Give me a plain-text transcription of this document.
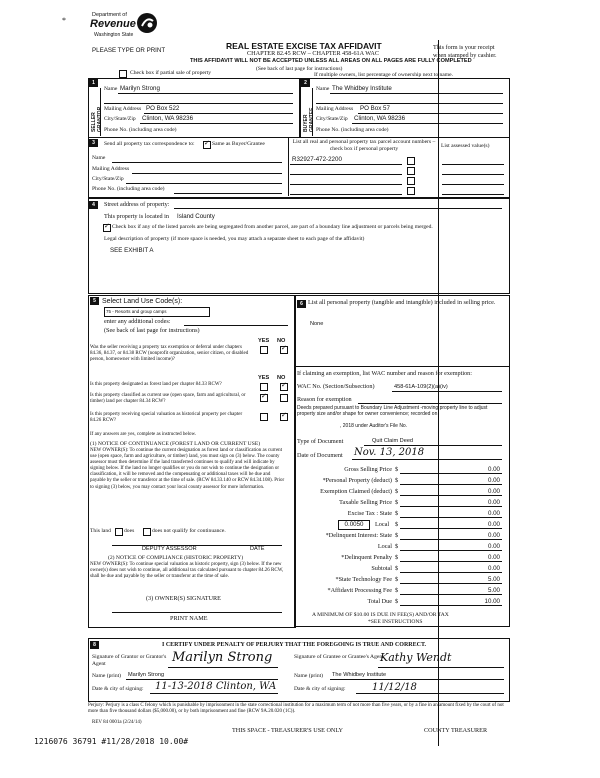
Department of
Revenue
Washington State
*
PLEASE TYPE OR PRINT	REAL ESTATE EXCISE TAX AFFIDAVIT
CHAPTER 82.45 RCW – CHAPTER 458-61A WAC
THIS AFFIDAVIT WILL NOT BE ACCEPTED UNLESS ALL AREAS ON ALL PAGES ARE FULLY COMPLETED
(See back of last page for instructions)
This form is your receipt
when stamped by cashier.
Check box if partial sale of property	If multiple owners, list percentage of ownership next to name.
1
SELLER GRANTOR
Name Marilyn Strong
Mailing Address PO Box 522
City/State/Zip Clinton, WA 98236
Phone No. (including area code)
2
BUYER GRANTEE
Name The Whidbey Institute
Mailing Address PO Box 57
City/State/Zip Clinton, WA 98236
Phone No. (including area code)
3	Send all property tax correspondence to:
✓	Same as Buyer/Grantee
Name
Mailing Address
City/State/Zip
Phone No. (including area code)
List all real and personal property tax parcel account numbers – check box if personal property	List assessed value(s)
R32927-472-2200
4	Street address of property:
This property is located in Island County
✓
Check box if any of the listed parcels are being segregated from another parcel, are part of a boundary line adjustment or parcels being merged.
Legal description of property (if more space is needed, you may attach a separate sheet to each page of the affidavit)
SEE EXHIBIT A
5 Select Land Use Code(s):
75 - Resorts and group camps
enter any additional codes:
(See back of last page for instructions)
YES NO
Was the seller receiving a property tax exemption or deferral under chapters 84.36, 84.37, or 84.38 RCW (nonprofit organization, senior citizen, or disabled person, homeowner with limited income)?
✓
YES NO
Is this property designated as forest land per chapter 84.33 RCW?
✓
Is this property classified as current use (open space, farm and agricultural, or timber) land per chapter 84.34 RCW?
✓
Is this property receiving special valuation as historical property per chapter 84.26 RCW?
✓
If any answers are yes, complete as instructed below.
(1) NOTICE OF CONTINUANCE (FOREST LAND OR CURRENT USE)
NEW OWNER(S): To continue the current designation as forest land or classification as current use (open space, farm and agriculture, or timber) land, you must sign on (3) below. The county assessor must then determine if the land transferred continues to qualify and will indicate by signing below. If the land no longer qualifies or you do not wish to continue the designation or classification, it will be removed and the compensating or additional taxes will be due and payable by the seller or transferor at the time of sale. (RCW 84.33.140 or RCW 84.34.108). Prior to signing (3) below, you may contact your local county assessor for more information.
This land does	does not qualify for continuance.
DEPUTY ASSESSOR	DATE
(2) NOTICE OF COMPLIANCE (HISTORIC PROPERTY)
NEW OWNER(S): To continue special valuation as historic property, sign (3) below. If the new owner(s) does not wish to continue, all additional tax calculated pursuant to chapter 84.26 RCW, shall be due and payable by the seller or transferor at the time of sale.
(3) OWNER(S) SIGNATURE
PRINT NAME
6 List all personal property (tangible and intangible) included in selling price.
None
If claiming an exemption, list WAC number and reason for exemption:
WAC No. (Section/Subsection)	458-61A-109(2)(a)(iv)
Reason for exemption
Deeds prepared pursuant to Boundary Line Adjustment -moving property line to adjust property size and/or shape for owner convenience; recorded on
, 2018 under Auditor's File No.
Type of Document	Quit Claim Deed
Date of Document Nov. 13, 2018
Gross Selling Price $	0.00
*Personal Property (deduct) $	0.00
Exemption Claimed (deduct) $	0.00
Taxable Selling Price $	0.00
Excise Tax : State $	0.00
0.0050	Local $	0.00
*Delinquent Interest: State $	0.00
Local $	0.00
*Delinquent Penalty $	0.00
Subtotal $	0.00
*State Technology Fee $	5.00
*Affidavit Processing Fee $	5.00
Total Due $	10.00
A MINIMUM OF $10.00 IS DUE IN FEE(S) AND/OR TAX
*SEE INSTRUCTIONS
8	I CERTIFY UNDER PENALTY OF PERJURY THAT THE FOREGOING IS TRUE AND CORRECT.
Signature of Grantor or Grantor's Agent	Marilyn Strong
Name (print) Marilyn Strong
Date & city of signing: 11-13-2018 Clinton, WA
Signature of Grantee or Grantee's Agent
Kathy Wendt
Name (print) The Whidbey Institute
Date & city of signing:	11/12/18
Perjury: Perjury is a class C felony which is punishable by imprisonment in the state correctional institution for a maximum term of not more than five years, or by a fine in an amount fixed by the court of not more than five thousand dollars ($5,000.00), or by both imprisonment and fine (RCW 9A.20.020 (1C)).
REV 84 0001a (2/24/14)
THIS SPACE - TREASURER'S USE ONLY	COUNTY TREASURER
1216076 36791 #11/28/2018 10.00#
